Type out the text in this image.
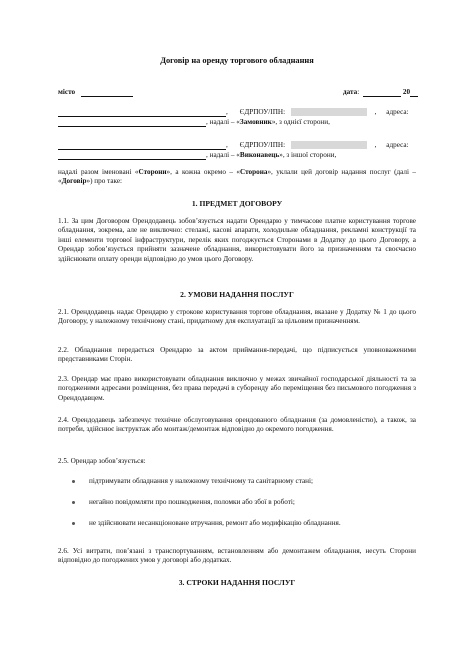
Договір на оренду торгового обладнання
місто	дата:	20
, ЄДРПОУ/ІПН:	, адреса:
, надалі – «Замовник», з однієї сторони,
, ЄДРПОУ/ІПН:	, адреса:
, надалі – «Виконавець», з іншої сторони,
надалі разом іменовані «Сторони», а кожна окремо – «Сторона», уклали цей договір надання послуг (далі – «Договір») про таке:
1. ПРЕДМЕТ ДОГОВОРУ
1.1. За цим Договором Орендодавець зобов’язується надати Орендарю у тимчасове платне користування торгове обладнання, зокрема, але не виключно: стелажі, касові апарати, холодильне обладнання, рекламні конструкції та інші елементи торгової інфраструктури, перелік яких погоджується Сторонами в Додатку до цього Договору, а Орендар зобов’язується прийняти зазначене обладнання, використовувати його за призначенням та своєчасно здійснювати оплату оренди відповідно до умов цього Договору.
2. УМОВИ НАДАННЯ ПОСЛУГ
2.1. Орендодавець надає Орендарю у строкове користування торгове обладнання, вказане у Додатку № 1 до цього Договору, у належному технічному стані, придатному для експлуатації за цільовим призначенням.
2.2. Обладнання передається Орендарю за актом приймання-передачі, що підписується уповноваженими представниками Сторін.
2.3. Орендар має право використовувати обладнання виключно у межах звичайної господарської діяльності та за погодженими адресами розміщення, без права передачі в суборенду або переміщення без письмового погодження з Орендодавцем.
2.4. Орендодавець забезпечує технічне обслуговування орендованого обладнання (за домовленістю), а також, за потреби, здійснює інструктаж або монтаж/демонтаж відповідно до окремого погодження.
2.5. Орендар зобов’язується:
підтримувати обладнання у належному технічному та санітарному стані;
негайно повідомляти про пошкодження, поломки або збої в роботі;
не здійснювати несанкціоноване втручання, ремонт або модифікацію обладнання.
2.6. Усі витрати, пов’язані з транспортуванням, встановленням або демонтажем обладнання, несуть Сторони відповідно до погоджених умов у договорі або додатках.
3. СТРОКИ НАДАННЯ ПОСЛУГ
